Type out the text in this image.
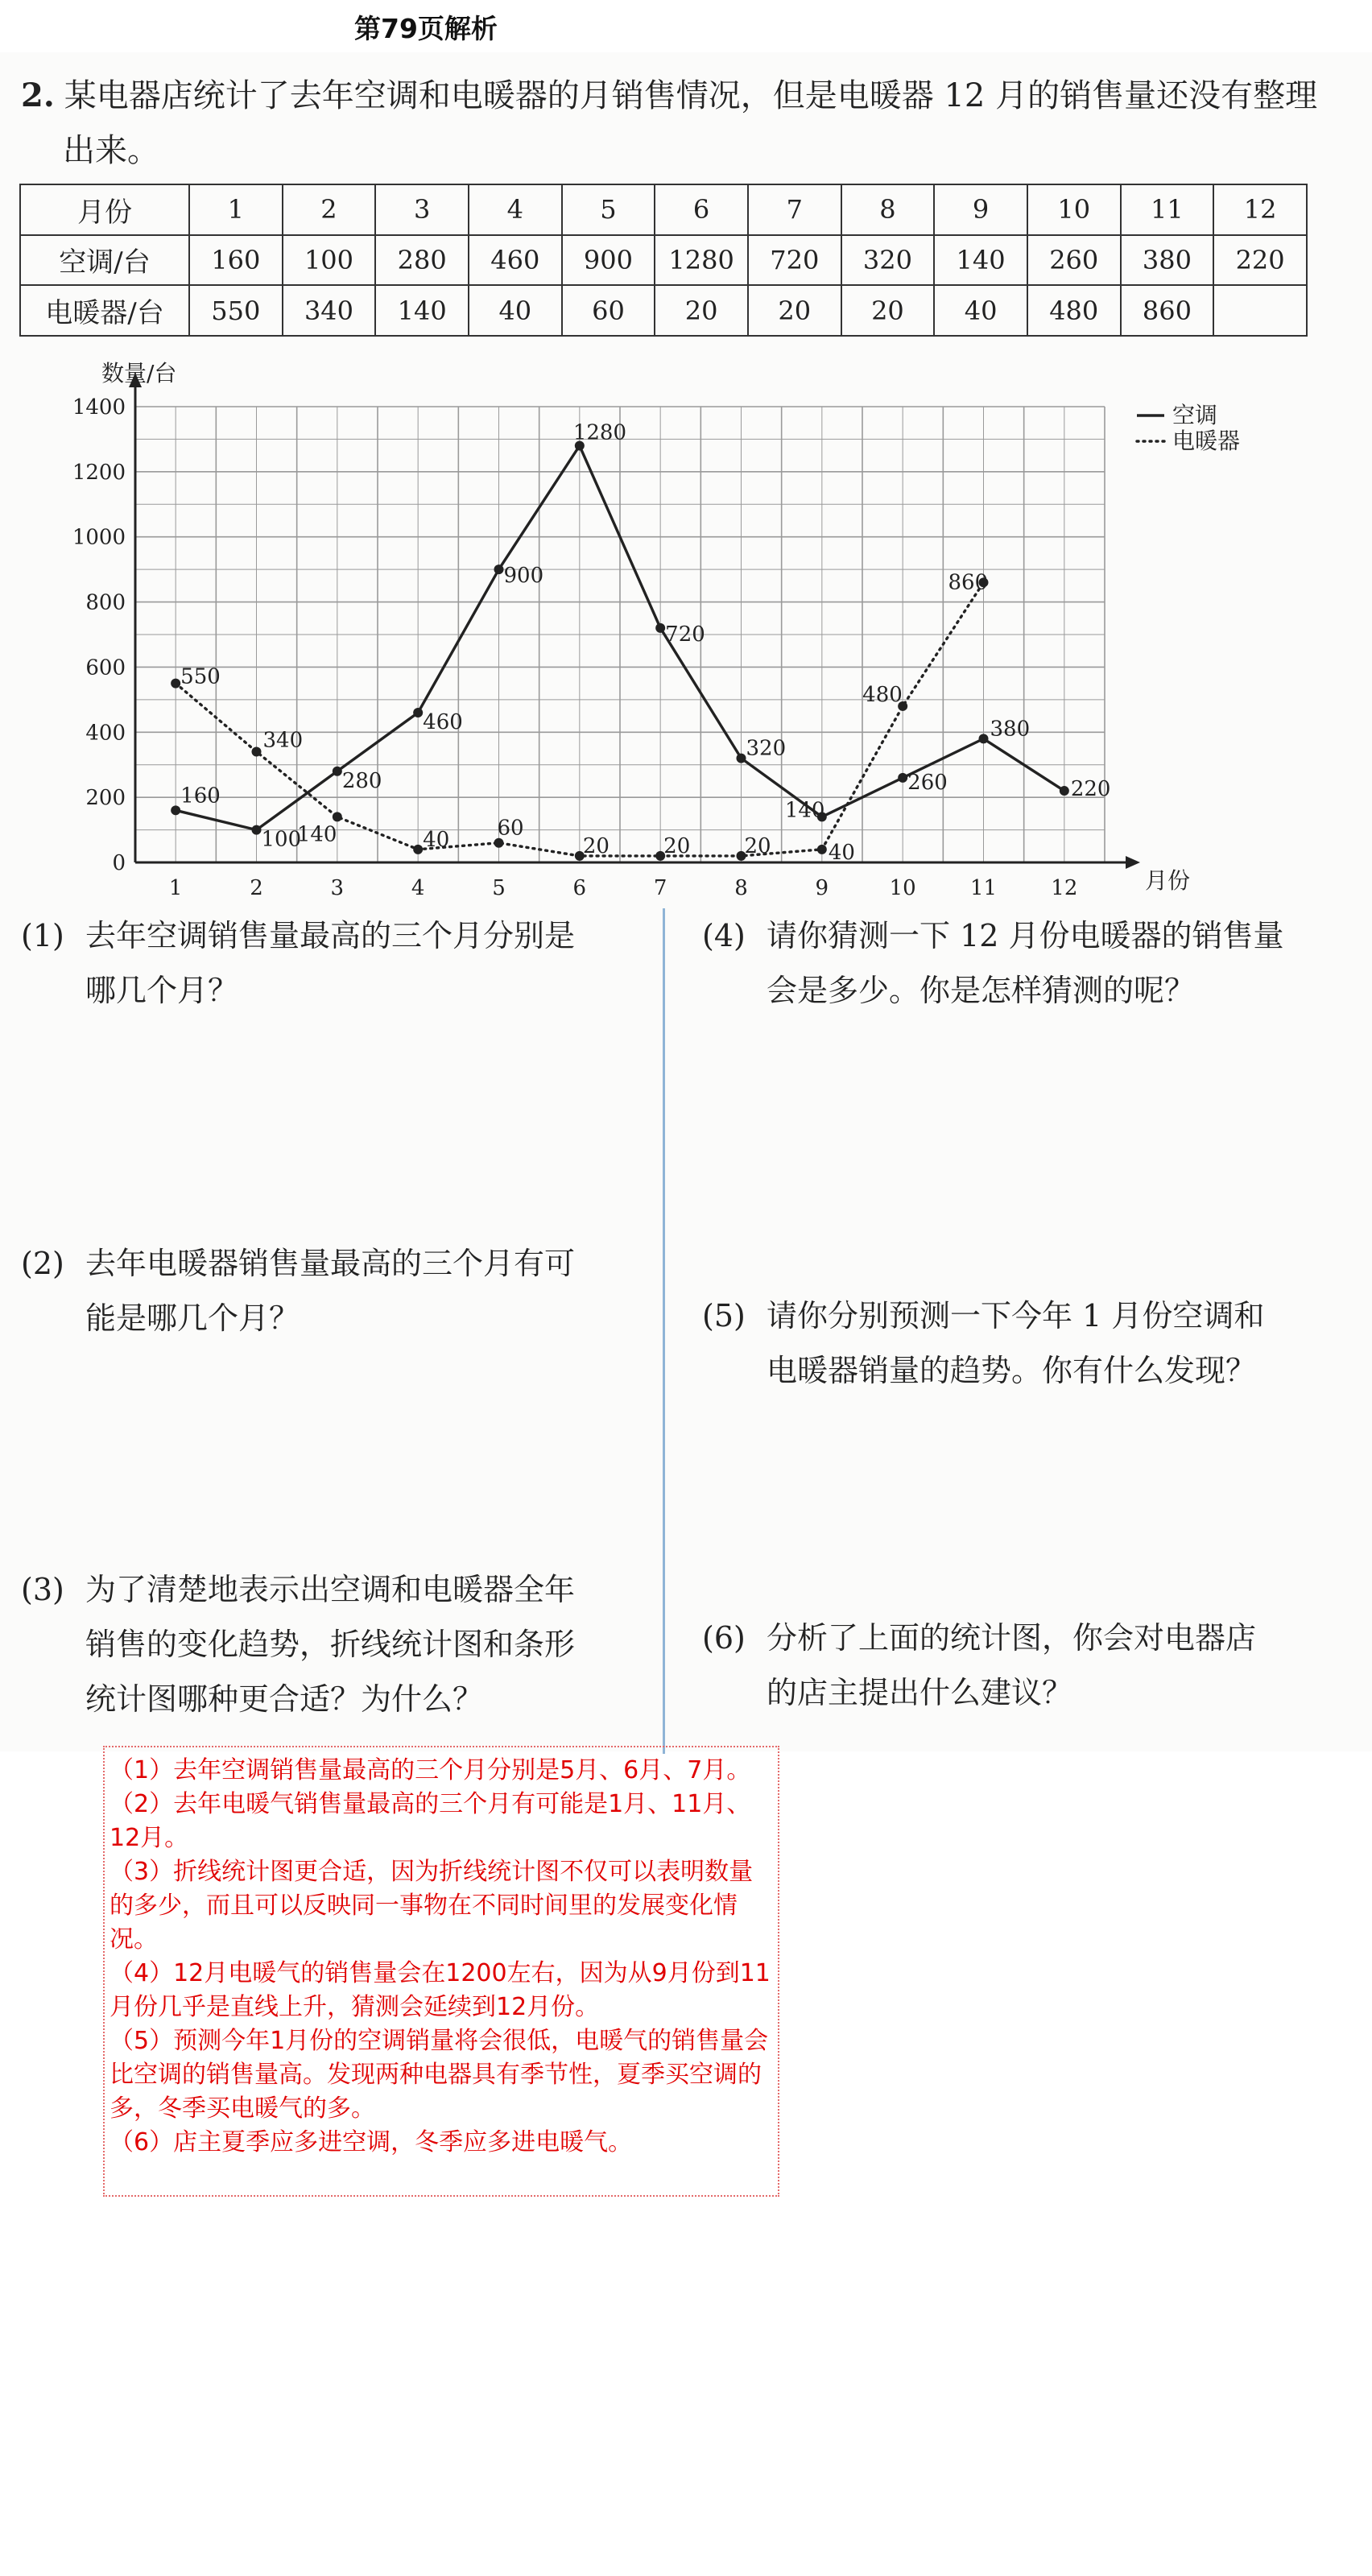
第79页解析
2. 某电器店统计了去年空调和电暖器的月销售情况，但是电暖器 12 月的销售量还没有整理
出来。
月份	1	2	3	4	5	6	7	8	9	10	11	12
空调/台	160	100	280	460	900	1280	720	320	140	260	380	220
电暖器/台	550	340	140	40	60	20	20	20	40	480	860	
0
200
400
600
800
1000
1200
1400
1	2	3	4	5	6	7	8	9	10	11	12
数量/台
月份
160
100
280
460
900
1280
720
320
140
260
380
220
550
340
140	40 60
20	20	20	40
480
860
空调
电暖器
(1) 去年空调销售量最高的三个月分别是
哪几个月？
(2) 去年电暖器销售量最高的三个月有可
能是哪几个月？
(3) 为了清楚地表示出空调和电暖器全年
销售的变化趋势，折线统计图和条形
统计图哪种更合适？为什么？
(4) 请你猜测一下 12 月份电暖器的销售量
会是多少。你是怎样猜测的呢？
(5) 请你分别预测一下今年 1 月份空调和
电暖器销量的趋势。你有什么发现？
(6) 分析了上面的统计图，你会对电器店
的店主提出什么建议？

（1）去年空调销售量最高的三个月分别是5月、6月、7月。

（2）去年电暖气销售量最高的三个月有可能是1月、11月、12月。

（3）折线统计图更合适，因为折线统计图不仅可以表明数量的多少，而且可以反映同一事物在不同时间里的发展变化情况。

（4）12月电暖气的销售量会在1200左右，因为从9月份到11月份几乎是直线上升，猜测会延续到12月份。

（5）预测今年1月份的空调销量将会很低，电暖气的销售量会比空调的销售量高。发现两种电器具有季节性，夏季买空调的多，冬季买电暖气的多。

（6）店主夏季应多进空调，冬季应多进电暖气。
